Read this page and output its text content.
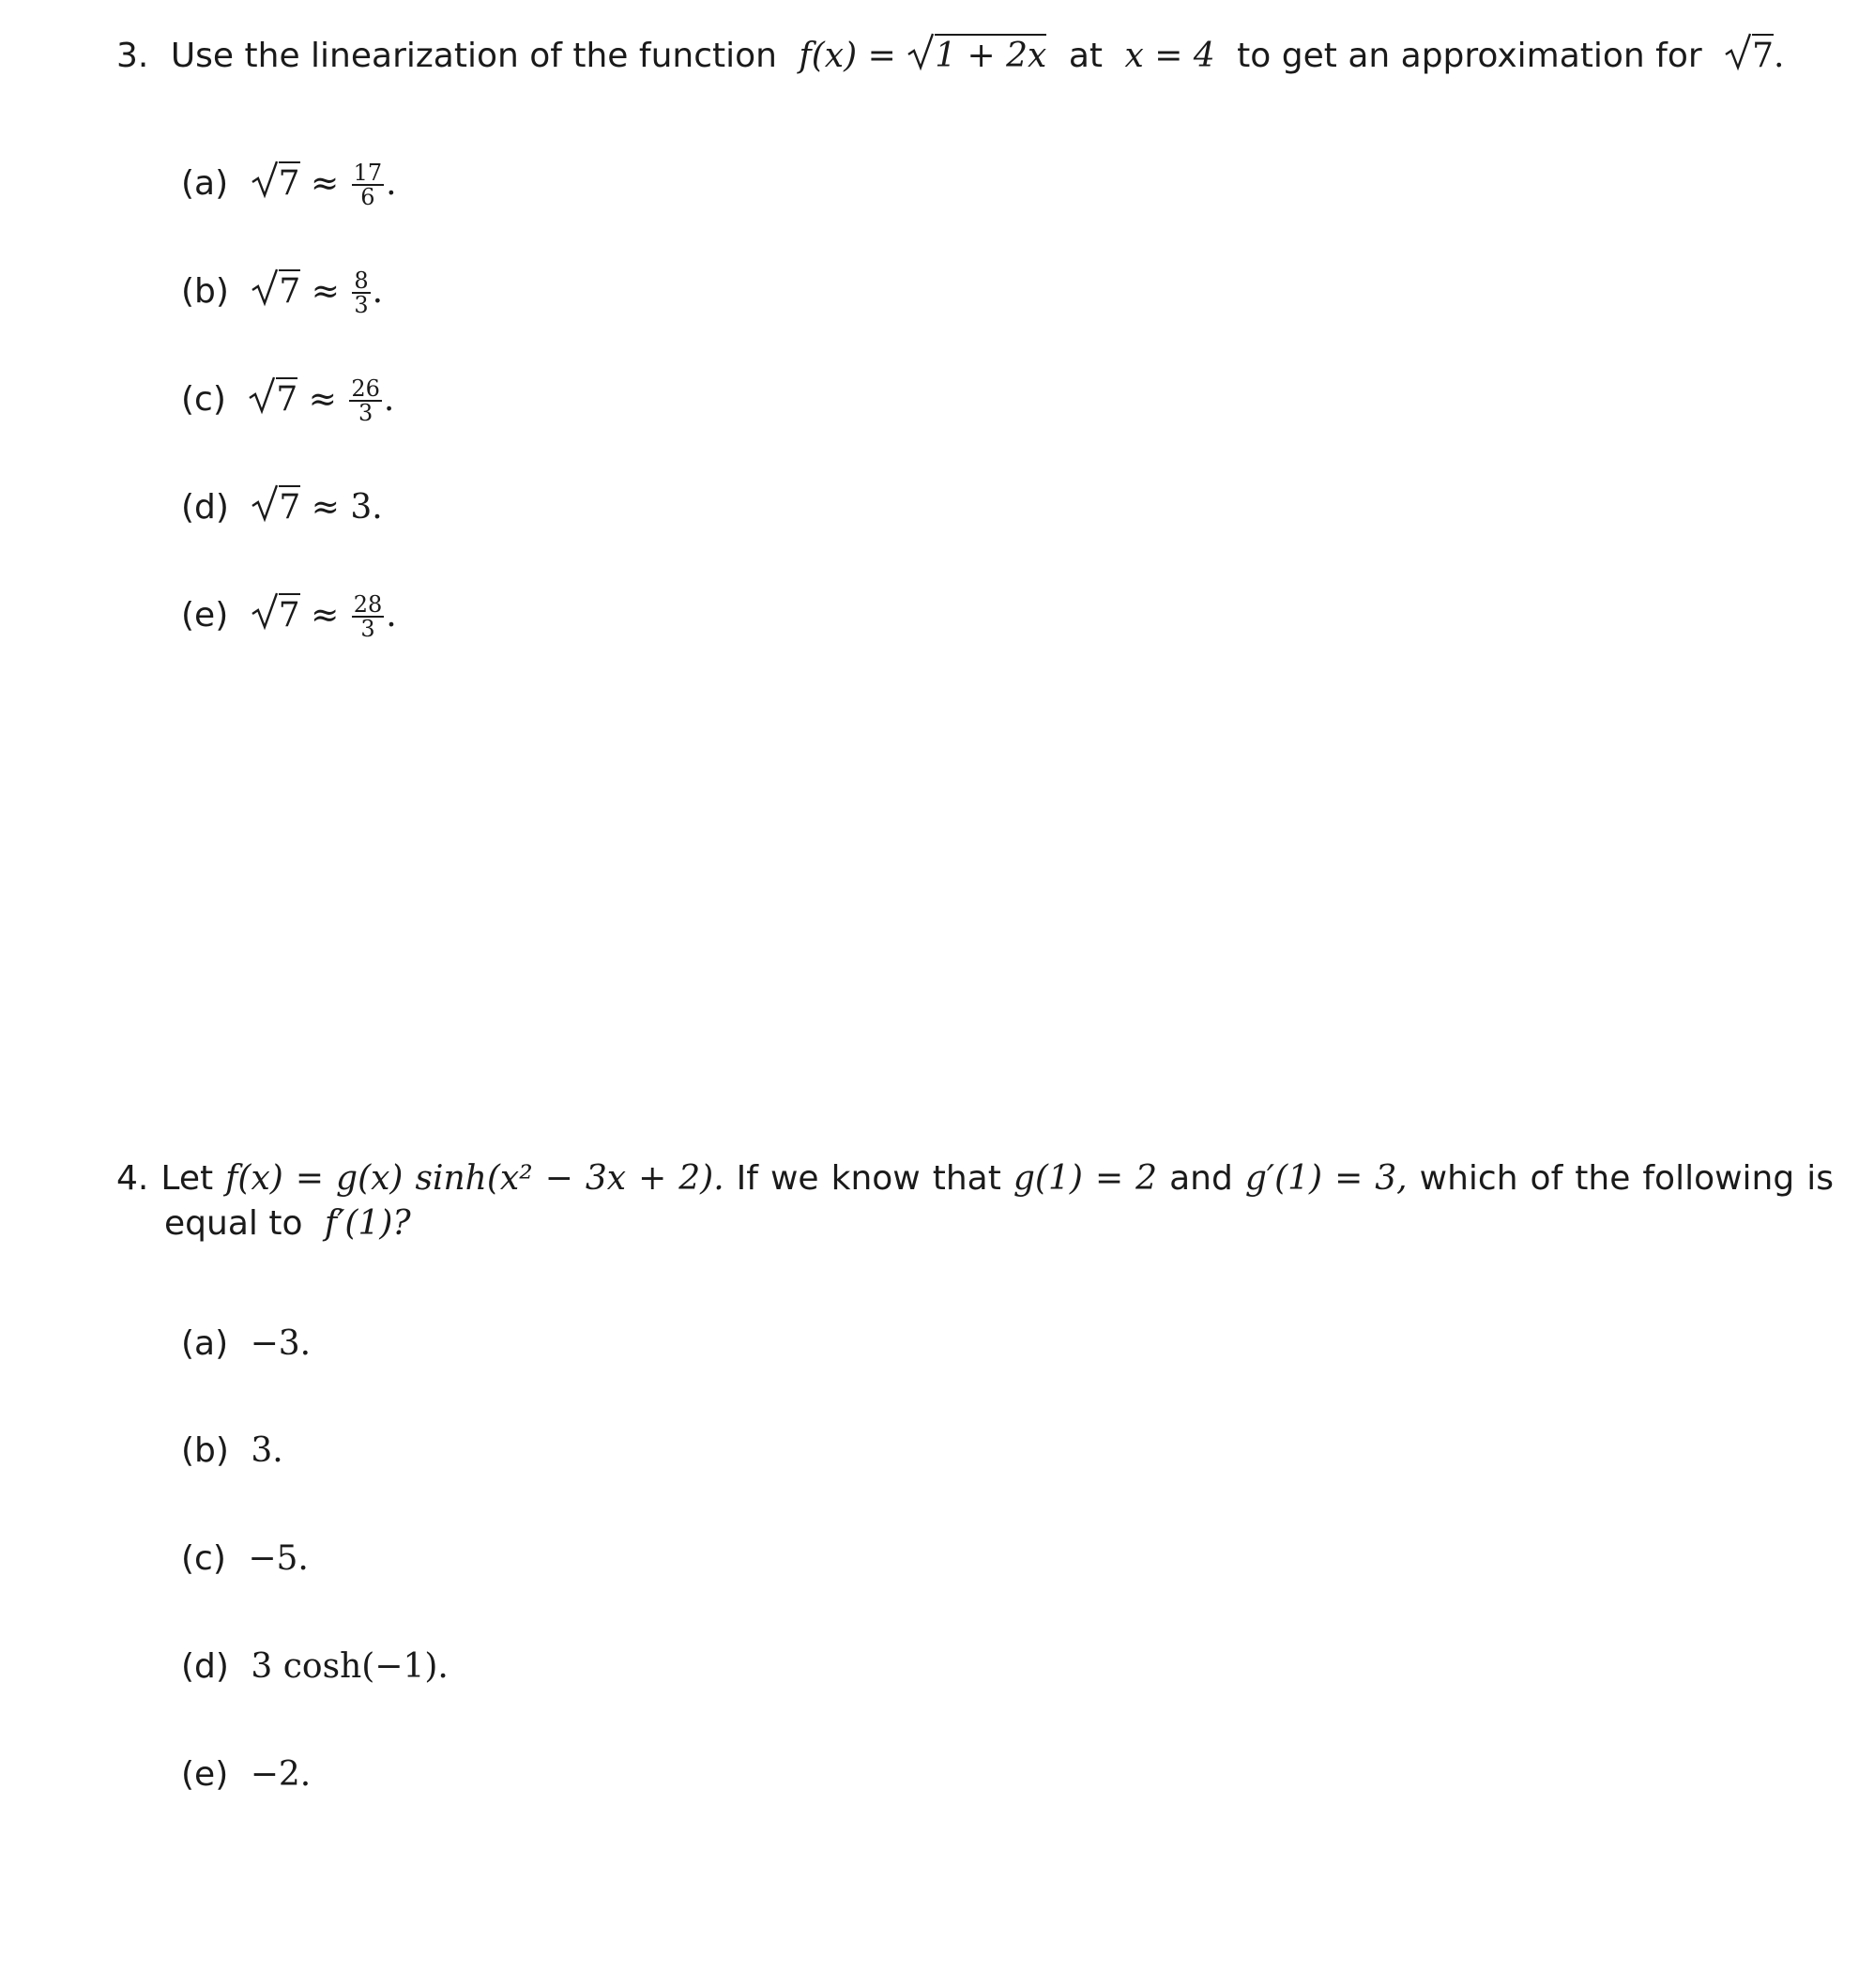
3. Use the linearization of the function f(x) =
1 + 2x at x = 4 to get an approximation for 7.
(a) $7 \approx \frac{17}{6}$ .
(b) $7 \approx \frac{8}{3}$ .
(c) $7 \approx \frac{26}{3}$ .
(d) 7 ≈ 3.
(e) $7 \approx \frac{28}{3}$ .
4. Let f(x) = g(x) sinh(x² − 3x + 2). If we know that g(1) = 2 and g′(1) = 3, which of the following is
equal to f′(1)?
(a) −3.
(b) 3.
(c) −5.
(d) 3 cosh(−1).
(e) −2.
